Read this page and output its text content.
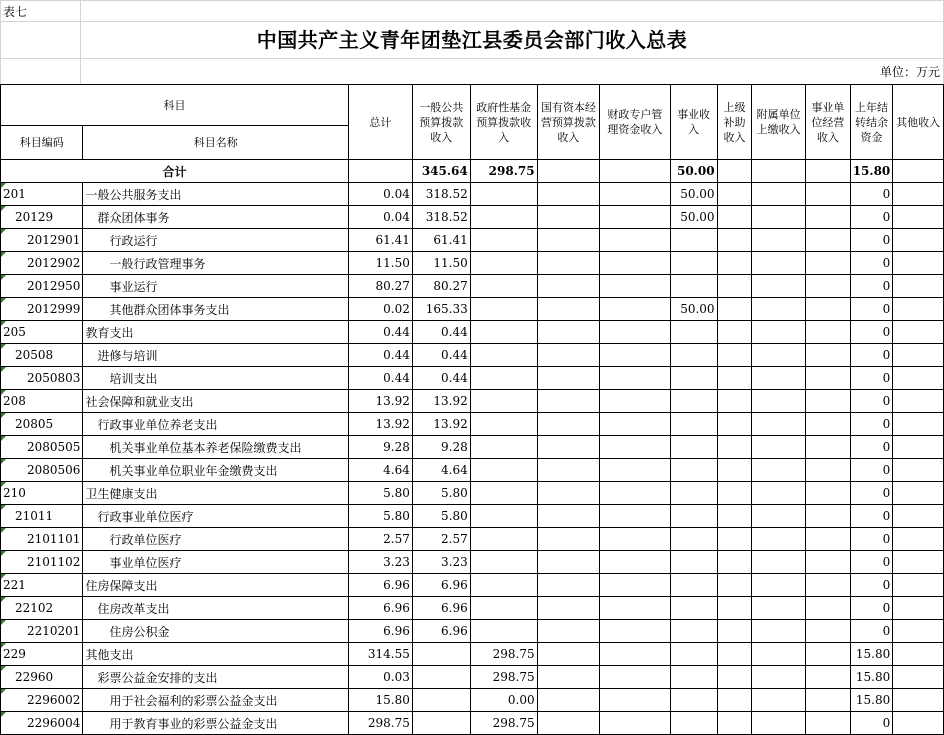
表七
中国共产主义青年团垫江县委员会部门收入总表
单位：万元
科目		总计	一般公共预算拨款收入	政府性基金预算拨款收入	国有资本经营预算拨款收入	财政专户管理资金收入	事业收入	上级补助收入	附属单位上缴收入	事业单位经营收入	上年结转结余资金	其他收入
科目编码	科目名称											
合计			345.64	298.75			50.00				15.80	
201	一般公共服务支出	0.04	318.52				50.00				0	
20129	群众团体事务	0.04	318.52				50.00				0	
2012901	行政运行	61.41	61.41								0	
2012902	一般行政管理事务	11.50	11.50								0	
2012950	事业运行	80.27	80.27								0	
2012999	其他群众团体事务支出	0.02	165.33				50.00				0	
205	教育支出	0.44	0.44								0	
20508	进修与培训	0.44	0.44								0	
2050803	培训支出	0.44	0.44								0	
208	社会保障和就业支出	13.92	13.92								0	
20805	行政事业单位养老支出	13.92	13.92								0	
2080505	机关事业单位基本养老保险缴费支出	9.28	9.28								0	
2080506	机关事业单位职业年金缴费支出	4.64	4.64								0	
210	卫生健康支出	5.80	5.80								0	
21011	行政事业单位医疗	5.80	5.80								0	
2101101	行政单位医疗	2.57	2.57								0	
2101102	事业单位医疗	3.23	3.23								0	
221	住房保障支出	6.96	6.96								0	
22102	住房改革支出	6.96	6.96								0	
2210201	住房公积金	6.96	6.96								0	
229	其他支出	314.55		298.75							15.80	
22960	彩票公益金安排的支出	0.03		298.75							15.80	
2296002	用于社会福利的彩票公益金支出	15.80		0.00							15.80	
2296004	用于教育事业的彩票公益金支出	298.75		298.75							0	
